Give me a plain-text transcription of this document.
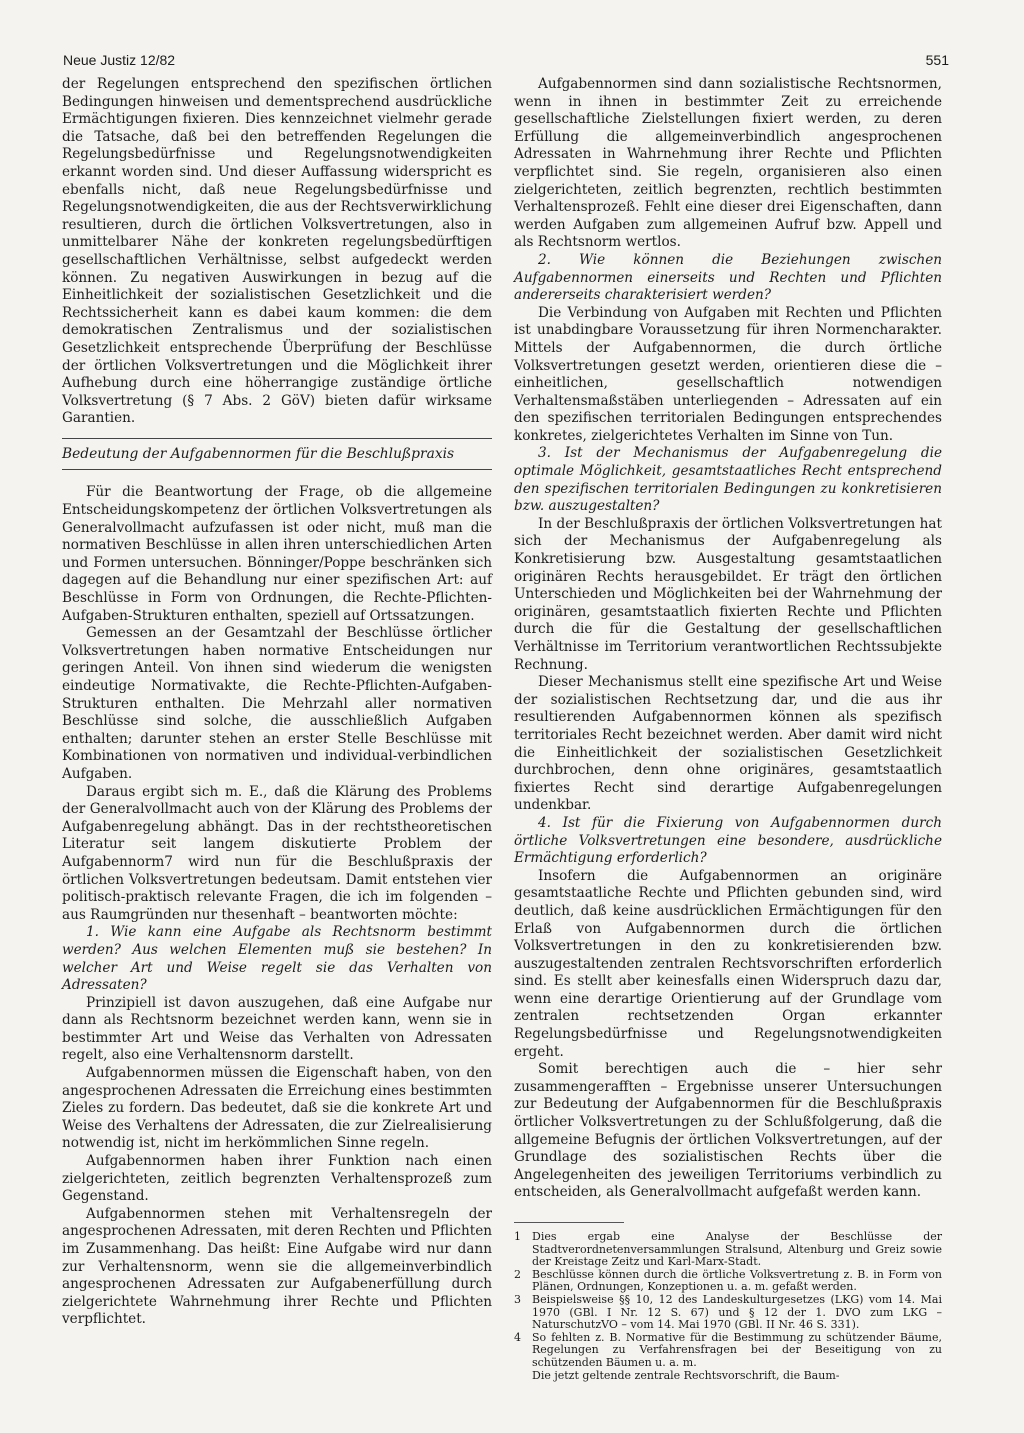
Neue Justiz 12/82	551

der Regelungen entsprechend den spezifischen örtlichen Bedingungen hinweisen und dementsprechend ausdrückliche Ermächtigungen fixieren. Dies kennzeichnet vielmehr gerade die Tatsache, daß bei den betreffenden Regelungen die Regelungsbedürfnisse und Regelungsnotwendigkeiten erkannt worden sind. Und dieser Auffassung widerspricht es ebenfalls nicht, daß neue Regelungsbedürfnisse und Regelungsnotwendigkeiten, die aus der Rechtsverwirklichung resultieren, durch die örtlichen Volksvertretungen, also in unmittelbarer Nähe der konkreten regelungsbedürftigen gesellschaftlichen Verhältnisse, selbst aufgedeckt werden können. Zu negativen Auswirkungen in bezug auf die Einheitlichkeit der sozialistischen Gesetzlichkeit und die Rechtssicherheit kann es dabei kaum kommen: die dem demokratischen Zentralismus und der sozialistischen Gesetzlichkeit entsprechende Überprüfung der Beschlüsse der örtlichen Volksvertretungen und die Möglichkeit ihrer Aufhebung durch eine höherrangige zuständige örtliche Volksvertretung (§ 7 Abs. 2 GöV) bieten dafür wirksame Garantien.

Bedeutung der Aufgabennormen für die Beschlußpraxis

Für die Beantwortung der Frage, ob die allgemeine Entscheidungskompetenz der örtlichen Volksvertretungen als Generalvollmacht aufzufassen ist oder nicht, muß man die normativen Beschlüsse in allen ihren unterschiedlichen Arten und Formen untersuchen. Bönninger/Poppe beschränken sich dagegen auf die Behandlung nur einer spezifischen Art: auf Beschlüsse in Form von Ordnungen, die Rechte-Pflichten-Aufgaben-Strukturen enthalten, speziell auf Ortssatzungen.

Gemessen an der Gesamtzahl der Beschlüsse örtlicher Volksvertretungen haben normative Entscheidungen nur geringen Anteil. Von ihnen sind wiederum die wenigsten eindeutige Normativakte, die Rechte-Pflichten-Aufgaben-Strukturen enthalten. Die Mehrzahl aller normativen Beschlüsse sind solche, die ausschließlich Aufgaben enthalten; darunter stehen an erster Stelle Beschlüsse mit Kombinationen von normativen und individual-verbindlichen Aufgaben.

Daraus ergibt sich m. E., daß die Klärung des Problems der Generalvollmacht auch von der Klärung des Problems der Aufgabenregelung abhängt. Das in der rechtstheoretischen Literatur seit langem diskutierte Problem der Aufgabennorm7 wird nun für die Beschlußpraxis der örtlichen Volksvertretungen bedeutsam. Damit entstehen vier politisch-praktisch relevante Fragen, die ich im folgenden – aus Raumgründen nur thesenhaft – beantworten möchte:

1. Wie kann eine Aufgabe als Rechtsnorm bestimmt werden? Aus welchen Elementen muß sie bestehen? In welcher Art und Weise regelt sie das Verhalten von Adressaten?

Prinzipiell ist davon auszugehen, daß eine Aufgabe nur dann als Rechtsnorm bezeichnet werden kann, wenn sie in bestimmter Art und Weise das Verhalten von Adressaten regelt, also eine Verhaltensnorm darstellt.

Aufgabennormen müssen die Eigenschaft haben, von den angesprochenen Adressaten die Erreichung eines bestimmten Zieles zu fordern. Das bedeutet, daß sie die konkrete Art und Weise des Verhaltens der Adressaten, die zur Zielrealisierung notwendig ist, nicht im herkömmlichen Sinne regeln.

Aufgabennormen haben ihrer Funktion nach einen zielgerichteten, zeitlich begrenzten Verhaltensprozeß zum Gegenstand.

Aufgabennormen stehen mit Verhaltensregeln der angesprochenen Adressaten, mit deren Rechten und Pflichten im Zusammenhang. Das heißt: Eine Aufgabe wird nur dann zur Verhaltensnorm, wenn sie die allgemeinverbindlich angesprochenen Adressaten zur Aufgabenerfüllung durch zielgerichtete Wahrnehmung ihrer Rechte und Pflichten verpflichtet.

Aufgabennormen sind dann sozialistische Rechtsnormen, wenn in ihnen in bestimmter Zeit zu erreichende gesellschaftliche Zielstellungen fixiert werden, zu deren Erfüllung die allgemeinverbindlich angesprochenen Adressaten in Wahrnehmung ihrer Rechte und Pflichten verpflichtet sind. Sie regeln, organisieren also einen zielgerichteten, zeitlich begrenzten, rechtlich bestimmten Verhaltensprozeß. Fehlt eine dieser drei Eigenschaften, dann werden Aufgaben zum allgemeinen Aufruf bzw. Appell und als Rechtsnorm wertlos.

2. Wie können die Beziehungen zwischen Aufgabennormen einerseits und Rechten und Pflichten andererseits charakterisiert werden?

Die Verbindung von Aufgaben mit Rechten und Pflichten ist unabdingbare Voraussetzung für ihren Normencharakter. Mittels der Aufgabennormen, die durch örtliche Volksvertretungen gesetzt werden, orientieren diese die – einheitlichen, gesellschaftlich notwendigen Verhaltensmaßstäben unterliegenden – Adressaten auf ein den spezifischen territorialen Bedingungen entsprechendes konkretes, zielgerichtetes Verhalten im Sinne von Tun.

3. Ist der Mechanismus der Aufgabenregelung die optimale Möglichkeit, gesamtstaatliches Recht entsprechend den spezifischen territorialen Bedingungen zu konkretisieren bzw. auszugestalten?

In der Beschlußpraxis der örtlichen Volksvertretungen hat sich der Mechanismus der Aufgabenregelung als Konkretisierung bzw. Ausgestaltung gesamtstaatlichen originären Rechts herausgebildet. Er trägt den örtlichen Unterschieden und Möglichkeiten bei der Wahrnehmung der originären, gesamtstaatlich fixierten Rechte und Pflichten durch die für die Gestaltung der gesellschaftlichen Verhältnisse im Territorium verantwortlichen Rechtssubjekte Rechnung.

Dieser Mechanismus stellt eine spezifische Art und Weise der sozialistischen Rechtsetzung dar, und die aus ihr resultierenden Aufgabennormen können als spezifisch territoriales Recht bezeichnet werden. Aber damit wird nicht die Einheitlichkeit der sozialistischen Gesetzlichkeit durchbrochen, denn ohne originäres, gesamtstaatlich fixiertes Recht sind derartige Aufgabenregelungen undenkbar.

4. Ist für die Fixierung von Aufgabennormen durch örtliche Volksvertretungen eine besondere, ausdrückliche Ermächtigung erforderlich?

Insofern die Aufgabennormen an originäre gesamtstaatliche Rechte und Pflichten gebunden sind, wird deutlich, daß keine ausdrücklichen Ermächtigungen für den Erlaß von Aufgabennormen durch die örtlichen Volksvertretungen in den zu konkretisierenden bzw. auszugestaltenden zentralen Rechtsvorschriften erforderlich sind. Es stellt aber keinesfalls einen Widerspruch dazu dar, wenn eine derartige Orientierung auf der Grundlage vom zentralen rechtsetzenden Organ erkannter Regelungsbedürfnisse und Regelungsnotwendigkeiten ergeht.

Somit berechtigen auch die – hier sehr zusammengerafften – Ergebnisse unserer Untersuchungen zur Bedeutung der Aufgabennormen für die Beschlußpraxis örtlicher Volksvertretungen zu der Schlußfolgerung, daß die allgemeine Befugnis der örtlichen Volksvertretungen, auf der Grundlage des sozialistischen Rechts über die Angelegenheiten des jeweiligen Territoriums verbindlich zu entscheiden, als Generalvollmacht aufgefaßt werden kann.

1	Dies ergab eine Analyse der Beschlüsse der Stadtverordnetenversammlungen Stralsund, Altenburg und Greiz sowie der Kreistage Zeitz und Karl-Marx-Stadt.
2	Beschlüsse können durch die örtliche Volksvertretung z. B. in Form von Plänen, Ordnungen, Konzeptionen u. a. m. gefaßt werden.
3	Beispielsweise §§ 10, 12 des Landeskulturgesetzes (LKG) vom 14. Mai 1970 (GBl. I Nr. 12 S. 67) und § 12 der 1. DVO zum LKG – NaturschutzVO – vom 14. Mai 1970 (GBl. II Nr. 46 S. 331).
4	So fehlten z. B. Normative für die Bestimmung zu schützender Bäume, Regelungen zu Verfahrensfragen bei der Beseitigung von zu schützenden Bäumen u. a. m.

Die jetzt geltende zentrale Rechtsvorschrift, die Baum-
